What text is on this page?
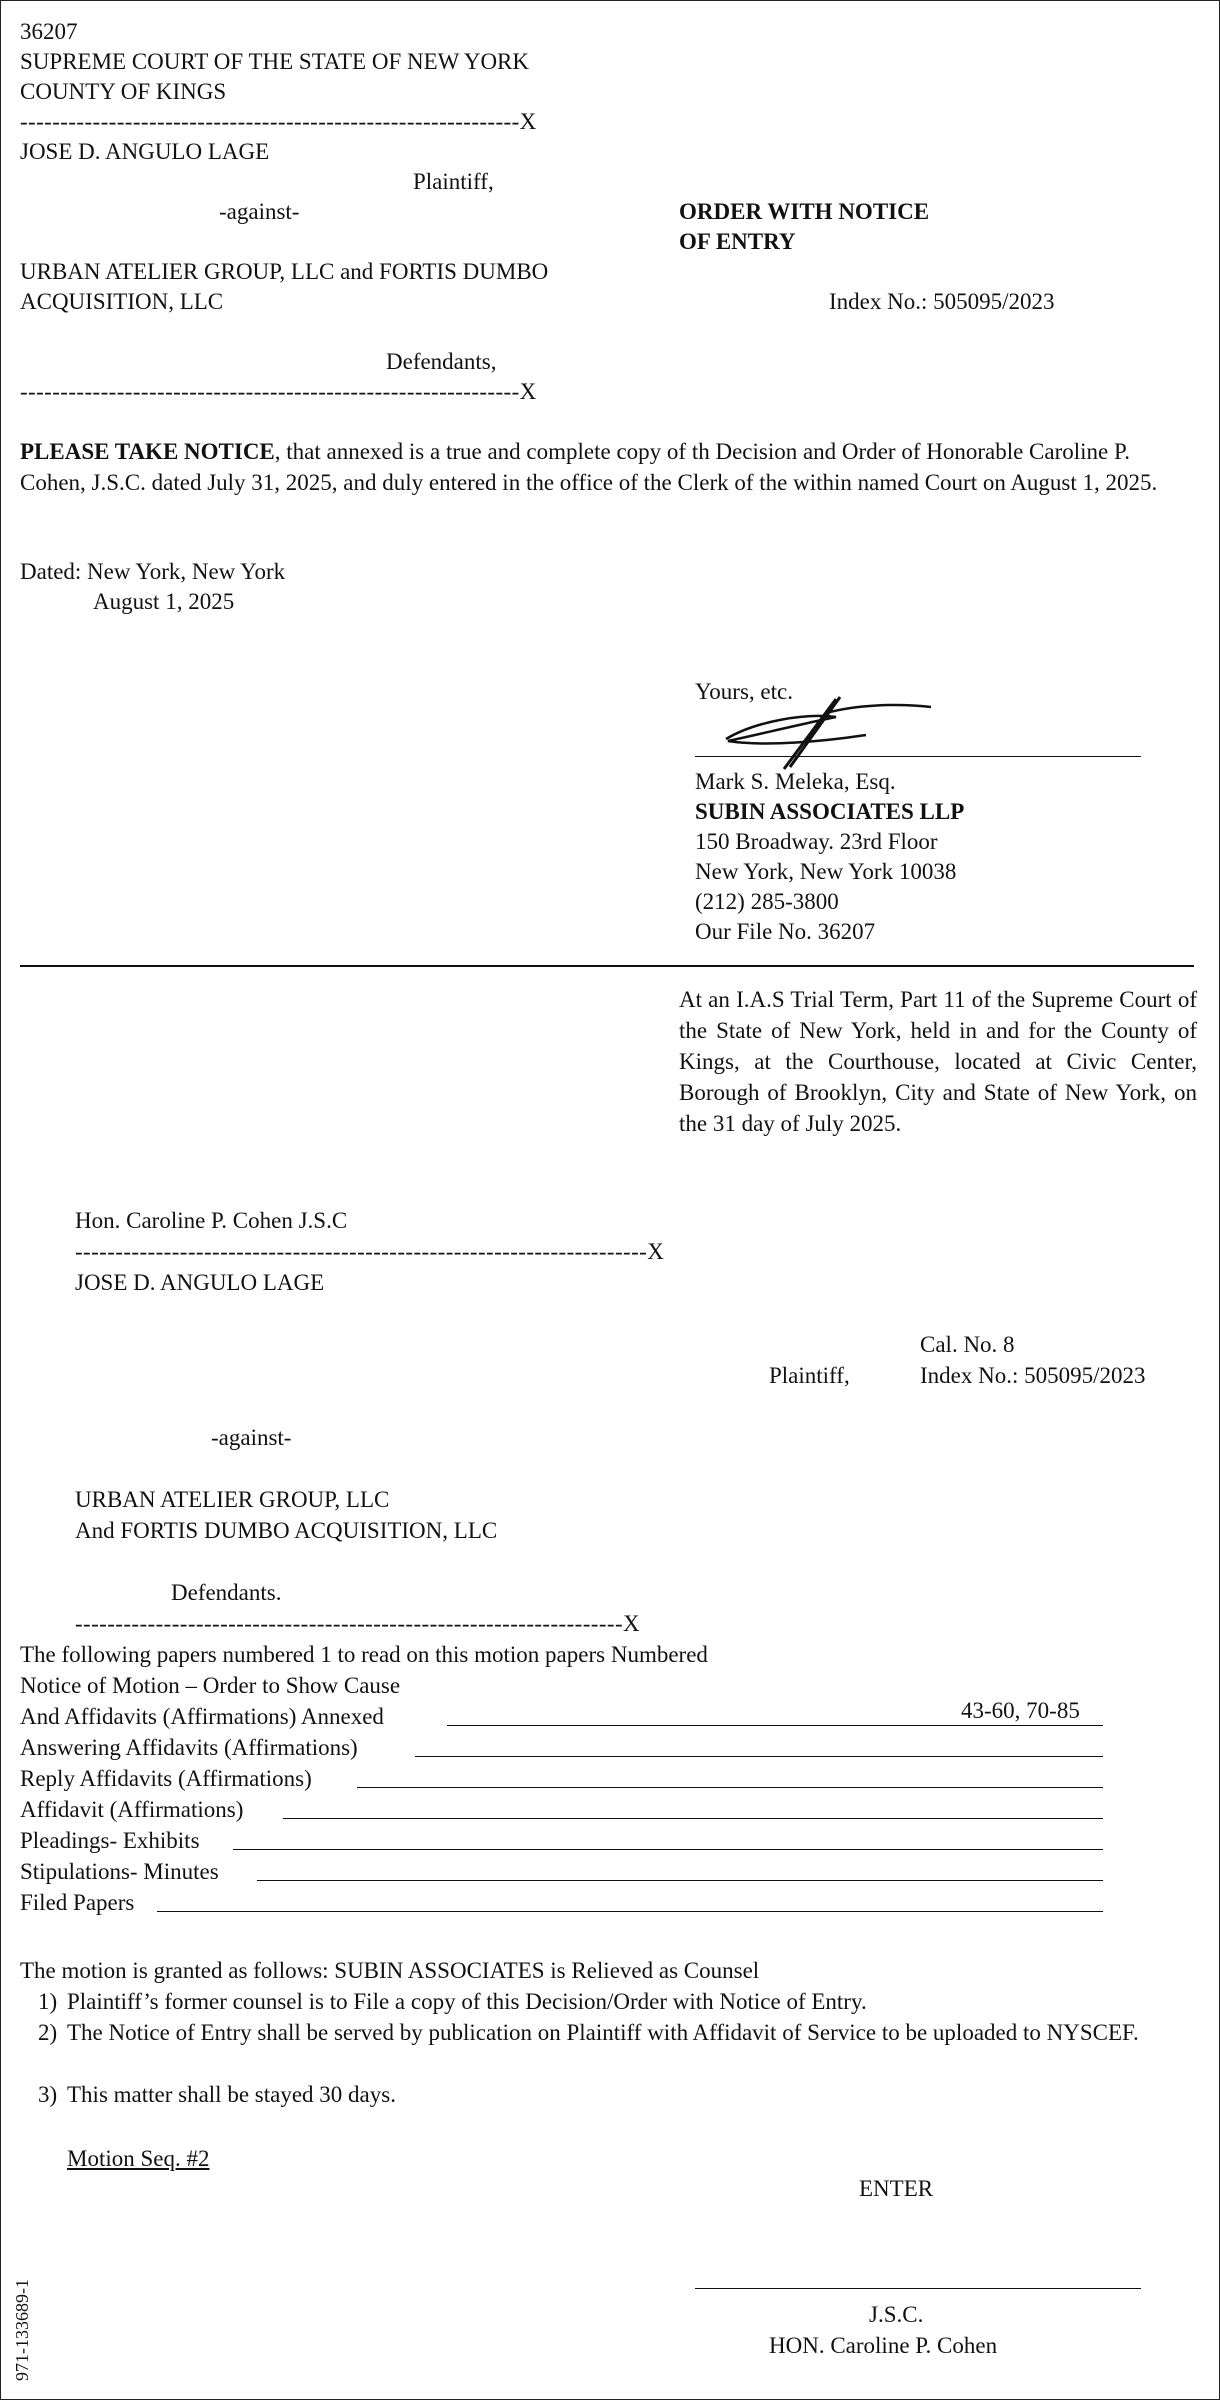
36207
SUPREME COURT OF THE STATE OF NEW YORK
COUNTY OF KINGS
--------------------------------------------------------------X
JOSE D. ANGULO LAGE
Plaintiff,
-against-	ORDER WITH NOTICE
OF ENTRY
URBAN ATELIER GROUP, LLC and FORTIS DUMBO
ACQUISITION, LLC	Index No.: 505095/2023
Defendants,
--------------------------------------------------------------X
PLEASE TAKE NOTICE, that annexed is a true and complete copy of th Decision and Order of Honorable Caroline P. Cohen, J.S.C. dated July 31, 2025, and duly entered in the office of the Clerk of the within named Court on August 1, 2025.
Dated: New York, New York
August 1, 2025
Yours, etc.
Mark S. Meleka, Esq.
SUBIN ASSOCIATES LLP
150 Broadway. 23rd Floor
New York, New York 10038
(212) 285-3800
Our File No. 36207
At an I.A.S Trial Term, Part 11 of the Supreme Court of the State of New York, held in and for the County of Kings, at the Courthouse, located at Civic Center, Borough of Brooklyn, City and State of New York, on the 31 day of July 2025.
Hon. Caroline P. Cohen J.S.C
-----------------------------------------------------------------------X
JOSE D. ANGULO LAGE
Cal. No. 8
Plaintiff,	Index No.: 505095/2023
-against-
URBAN ATELIER GROUP, LLC
And FORTIS DUMBO ACQUISITION, LLC
Defendants.
--------------------------------------------------------------------X
The following papers numbered 1 to read on this motion papers Numbered
Notice of Motion – Order to Show Cause
And Affidavits (Affirmations) Annexed	43-60, 70-85
Answering Affidavits (Affirmations)
Reply Affidavits (Affirmations)
Affidavit (Affirmations)
Pleadings- Exhibits
Stipulations- Minutes
Filed Papers
The motion is granted as follows: SUBIN ASSOCIATES is Relieved as Counsel
1) Plaintiff’s former counsel is to File a copy of this Decision/Order with Notice of Entry.
2) The Notice of Entry shall be served by publication on Plaintiff with Affidavit of Service to be uploaded to NYSCEF.
3) This matter shall be stayed 30 days.
Motion Seq. #2
ENTER
J.S.C.
HON. Caroline P. Cohen
971-133689-1
